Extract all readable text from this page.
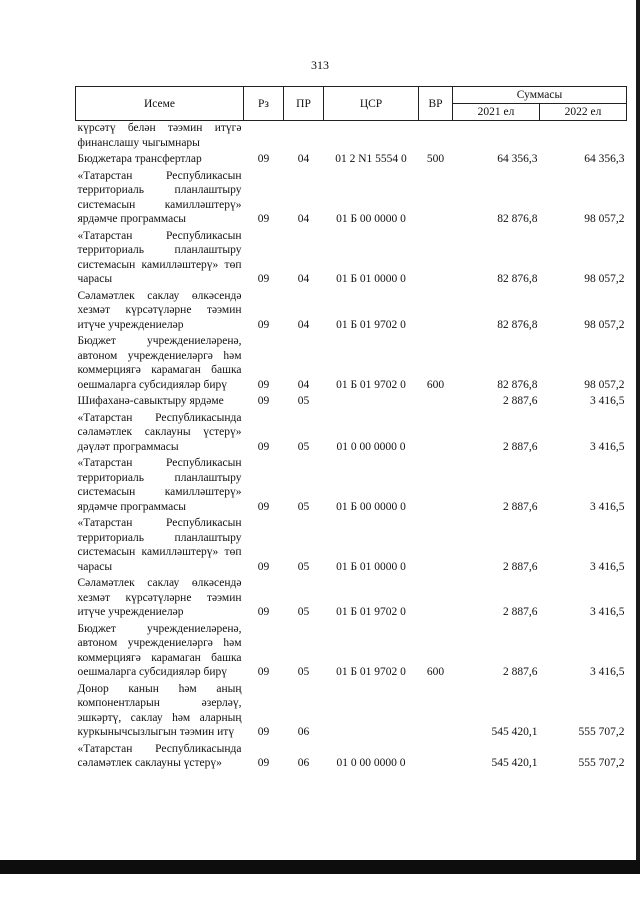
313
Исеме	Рз	ПР	ЦСР	ВР	Суммасы	
					2021 ел	2022 ел
күрсәтү белән тәэмин итүгә финанслашу чыгымнары						
Бюджетара трансфертлар	09	04	01 2 N1 5554 0	500	64 356,3	64 356,3
«Татарстан Республикасын территориаль планлаштыру системасын камилләштерү» ярдәмче программасы	09	04	01 Б 00 0000 0		82 876,8	98 057,2
«Татарстан Республикасын территориаль планлаштыру системасын камилләштерү» төп чарасы	09	04	01 Б 01 0000 0		82 876,8	98 057,2
Сәламәтлек саклау өлкәсендә хезмәт күрсәтүләрне тәэмин итүче учреждениеләр	09	04	01 Б 01 9702 0		82 876,8	98 057,2
Бюджет учреждениеләренә, автоном учреждениеләргә һәм коммерциягә карамаган башка оешмаларга субсидияләр бирү	09	04	01 Б 01 9702 0	600	82 876,8	98 057,2
Шифаханә-савыктыру ярдәме	09	05			2 887,6	3 416,5
«Татарстан Республикасында сәламәтлек саклауны үстерү» дәүләт программасы	09	05	01 0 00 0000 0		2 887,6	3 416,5
«Татарстан Республикасын территориаль планлаштыру системасын камилләштерү» ярдәмче программасы	09	05	01 Б 00 0000 0		2 887,6	3 416,5
«Татарстан Республикасын территориаль планлаштыру системасын камилләштерү» төп чарасы	09	05	01 Б 01 0000 0		2 887,6	3 416,5
Сәламәтлек саклау өлкәсендә хезмәт күрсәтүләрне тәэмин итүче учреждениеләр	09	05	01 Б 01 9702 0		2 887,6	3 416,5
Бюджет учреждениеләренә, автоном учреждениеләргә һәм коммерциягә карамаган башка оешмаларга субсидияләр бирү	09	05	01 Б 01 9702 0	600	2 887,6	3 416,5
Донор канын һәм аның компонентларын әзерләү, эшкәртү, саклау һәм аларның куркынычсызлыгын тәэмин итү	09	06			545 420,1	555 707,2
«Татарстан Республикасында сәламәтлек саклауны үстерү»	09	06	01 0 00 0000 0		545 420,1	555 707,2
